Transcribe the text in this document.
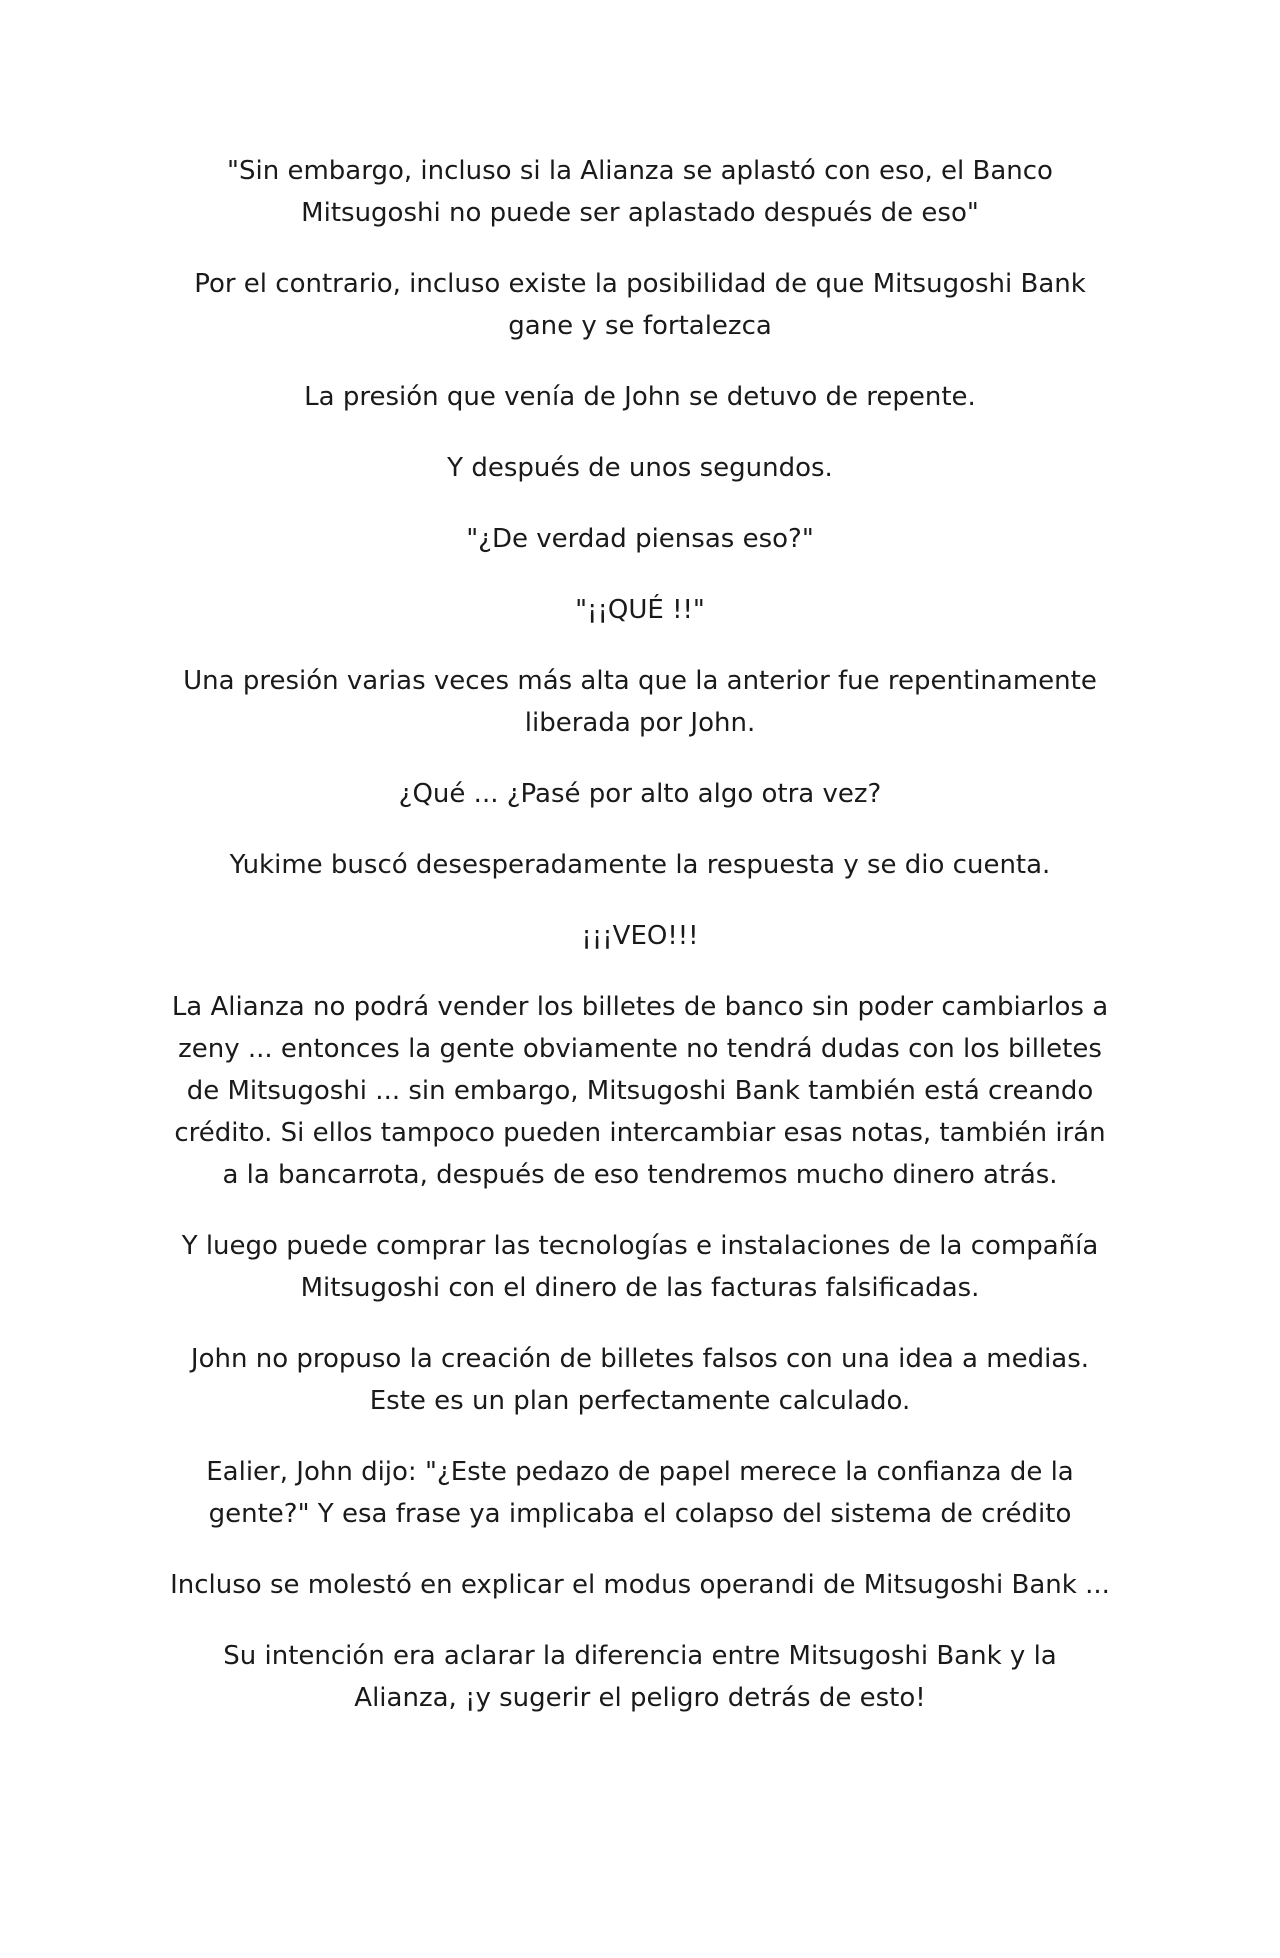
"Sin embargo, incluso si la Alianza se aplastó con eso, el Banco Mitsugoshi no puede ser aplastado después de eso"

Por el contrario, incluso existe la posibilidad de que Mitsugoshi Bank gane y se fortalezca

La presión que venía de John se detuvo de repente.

Y después de unos segundos.

"¿De verdad piensas eso?"

"¡¡QUÉ !!"

Una presión varias veces más alta que la anterior fue repentinamente liberada por John.

¿Qué ... ¿Pasé por alto algo otra vez?

Yukime buscó desesperadamente la respuesta y se dio cuenta.

¡¡¡VEO!!!

La Alianza no podrá vender los billetes de banco sin poder cambiarlos a zeny ... entonces la gente obviamente no tendrá dudas con los billetes de Mitsugoshi ... sin embargo, Mitsugoshi Bank también está creando crédito. Si ellos tampoco pueden intercambiar esas notas, también irán a la bancarrota, después de eso tendremos mucho dinero atrás.

Y luego puede comprar las tecnologías e instalaciones de la compañía Mitsugoshi con el dinero de las facturas falsificadas.

John no propuso la creación de billetes falsos con una idea a medias. Este es un plan perfectamente calculado.

Ealier, John dijo: "¿Este pedazo de papel merece la confianza de la gente?" Y esa frase ya implicaba el colapso del sistema de crédito

Incluso se molestó en explicar el modus operandi de Mitsugoshi Bank ...

Su intención era aclarar la diferencia entre Mitsugoshi Bank y la Alianza, ¡y sugerir el peligro detrás de esto!
